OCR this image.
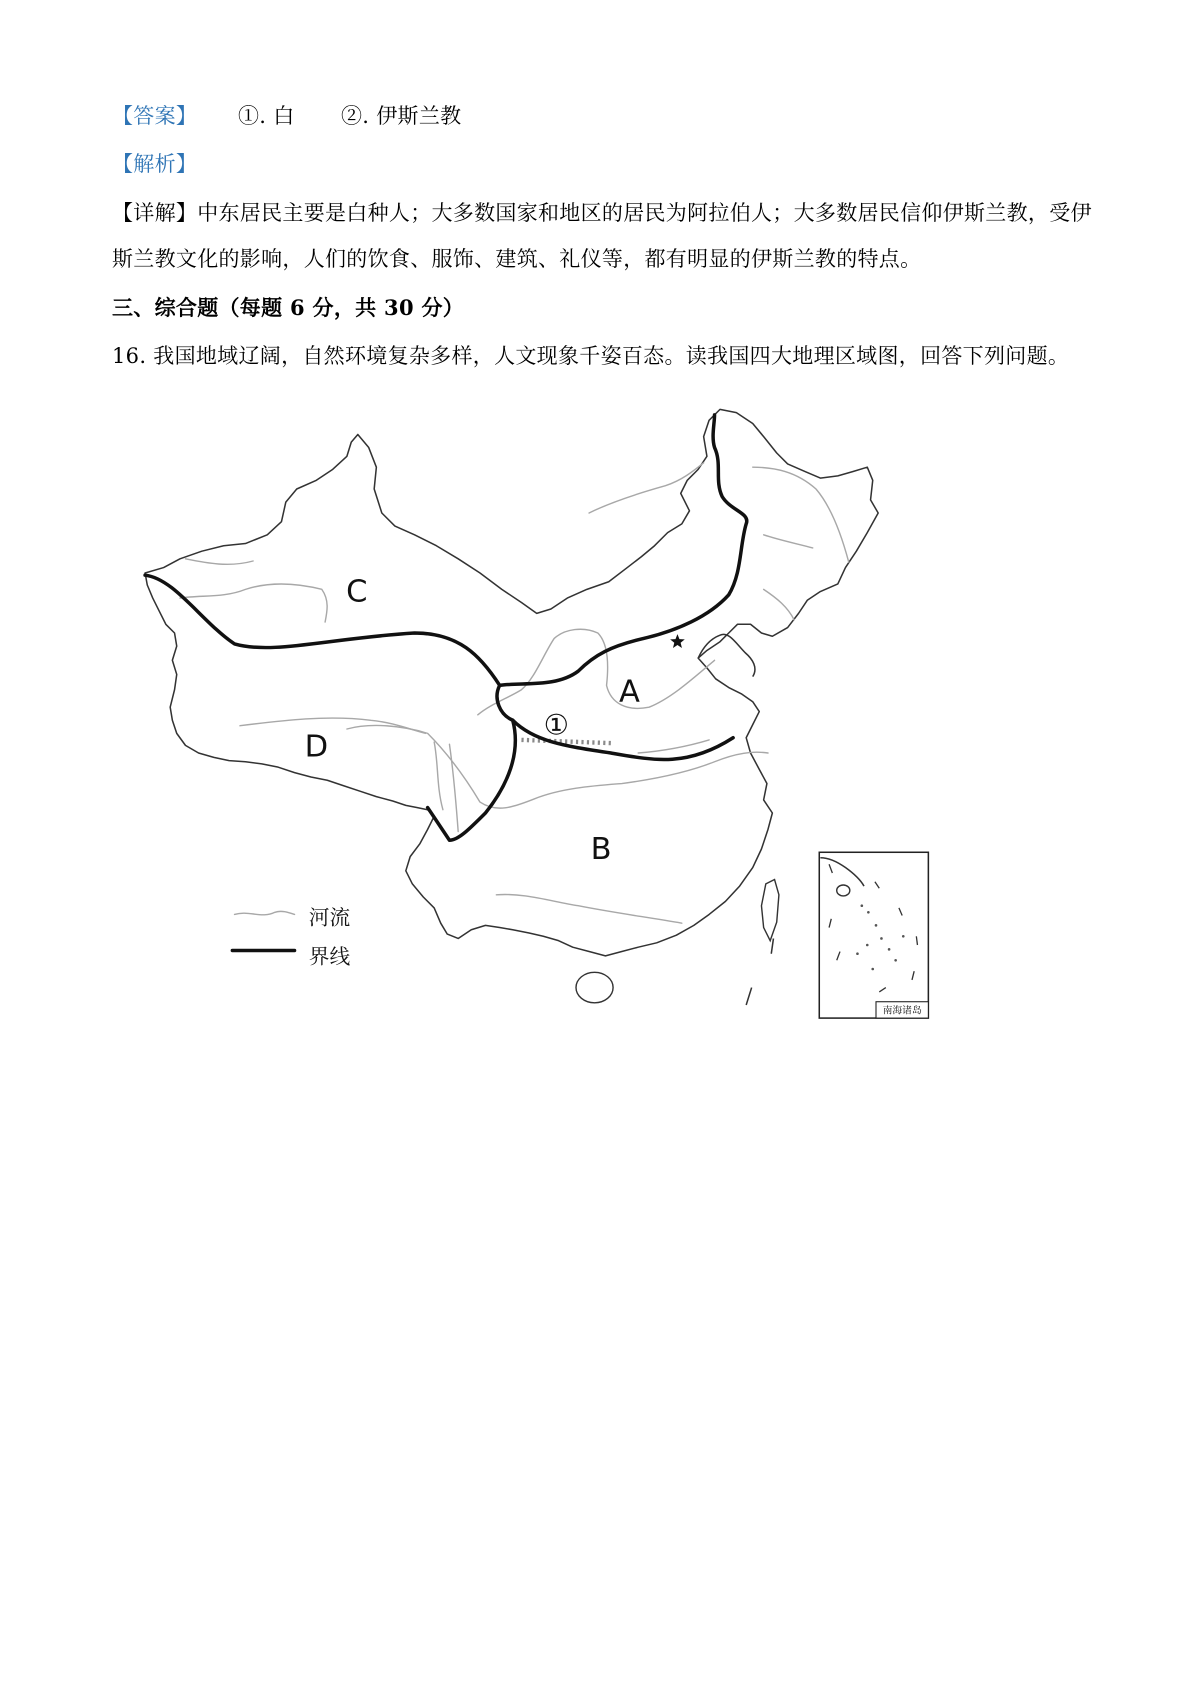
C
D
A
B
①
河流
界线
南海诸岛
【答案】 ①. 白 ②. 伊斯兰教
【解析】
【详解】中东居民主要是白种人；大多数国家和地区的居民为阿拉伯人；大多数居民信仰伊斯兰教，受伊
斯兰教文化的影响，人们的饮食、服饰、建筑、礼仪等，都有明显的伊斯兰教的特点。
三、综合题（每题 6 分，共 30 分）
16. 我国地域辽阔，自然环境复杂多样，人文现象千姿百态。读我国四大地理区域图，回答下列问题。
